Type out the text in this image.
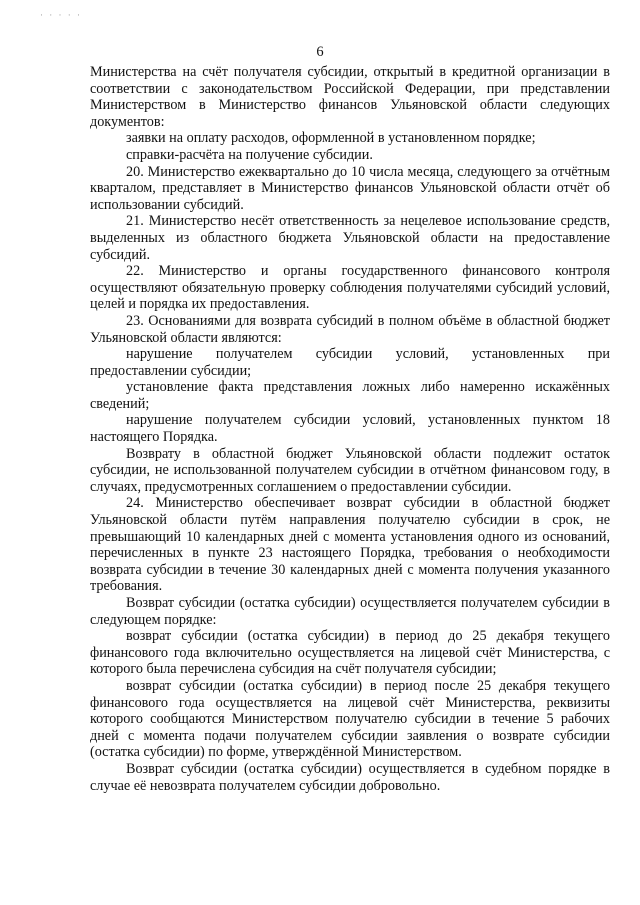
· · · · ·
6

Министерства на счёт получателя субсидии, открытый в кредитной организации в соответствии с законодательством Российской Федерации, при представлении Министерством в Министерство финансов Ульяновской области следующих документов:

заявки на оплату расходов, оформленной в установленном порядке;

справки-расчёта на получение субсидии.

20. Министерство ежеквартально до 10 числа месяца, следующего за отчётным кварталом, представляет в Министерство финансов Ульяновской области отчёт об использовании субсидий.

21. Министерство несёт ответственность за нецелевое использование средств, выделенных из областного бюджета Ульяновской области на предоставление субсидий.

22. Министерство и органы государственного финансового контроля осуществляют обязательную проверку соблюдения получателями субсидий условий, целей и порядка их предоставления.

23. Основаниями для возврата субсидий в полном объёме в областной бюджет Ульяновской области являются:

нарушение получателем субсидии условий, установленных при предоставлении субсидии;

установление факта представления ложных либо намеренно искажённых сведений;

нарушение получателем субсидии условий, установленных пунктом 18 настоящего Порядка.

Возврату в областной бюджет Ульяновской области подлежит остаток субсидии, не использованной получателем субсидии в отчётном финансовом году, в случаях, предусмотренных соглашением о предоставлении субсидии.

24. Министерство обеспечивает возврат субсидии в областной бюджет Ульяновской области путём направления получателю субсидии в срок, не превышающий 10 календарных дней с момента установления одного из оснований, перечисленных в пункте 23 настоящего Порядка, требования о необходимости возврата субсидии в течение 30 календарных дней с момента получения указанного требования.

Возврат субсидии (остатка субсидии) осуществляется получателем субсидии в следующем порядке:

возврат субсидии (остатка субсидии) в период до 25 декабря текущего финансового года включительно осуществляется на лицевой счёт Министерства, с которого была перечислена субсидия на счёт получателя субсидии;

возврат субсидии (остатка субсидии) в период после 25 декабря текущего финансового года осуществляется на лицевой счёт Министерства, реквизиты которого сообщаются Министерством получателю субсидии в течение 5 рабочих дней с момента подачи получателем субсидии заявления о возврате субсидии (остатка субсидии) по форме, утверждённой Министерством.

Возврат субсидии (остатка субсидии) осуществляется в судебном порядке в случае её невозврата получателем субсидии добровольно.
